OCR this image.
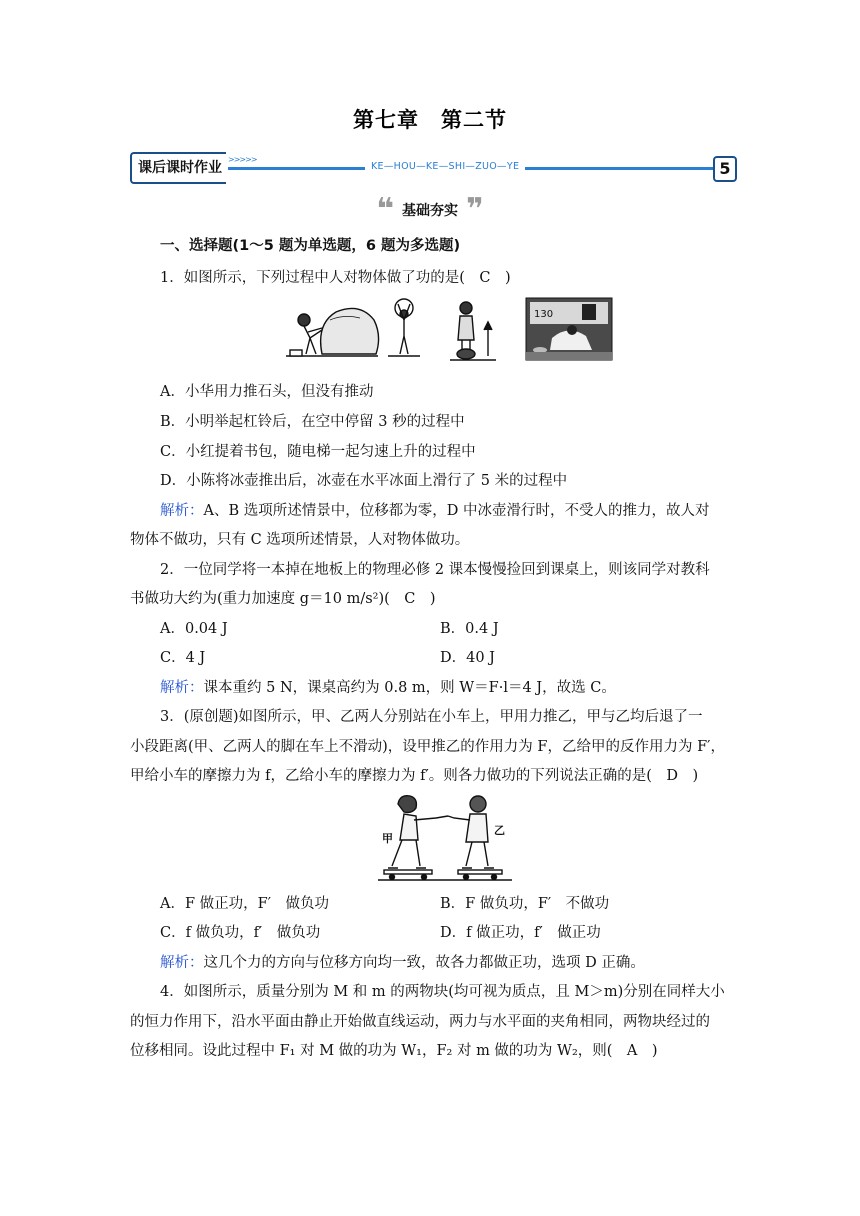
第七章　第二节
课后课时作业
>>>>>
KE—HOU—KE—SHI—ZUO—YE	5
❝ 基础夯实 ❞
一、选择题(1～5 题为单选题，6 题为多选题)
1．如图所示，下列过程中人对物体做了功的是(　C　)
130
A．小华用力推石头，但没有推动
B．小明举起杠铃后，在空中停留 3 秒的过程中
C．小红提着书包，随电梯一起匀速上升的过程中
D．小陈将冰壶推出后，冰壶在水平冰面上滑行了 5 米的过程中
解析：A、B 选项所述情景中，位移都为零，D 中冰壶滑行时，不受人的推力，故人对
物体不做功，只有 C 选项所述情景，人对物体做功。
2．一位同学将一本掉在地板上的物理必修 2 课本慢慢捡回到课桌上，则该同学对教科
书做功大约为(重力加速度 g＝10 m/s²)(　C　)
A．0.04 J	B．0.4 J
C．4 J	D．40 J
解析：课本重约 5 N，课桌高约为 0.8 m，则 W＝F·l＝4 J，故选 C。
3．(原创题)如图所示，甲、乙两人分别站在小车上，甲用力推乙，甲与乙均后退了一
小段距离(甲、乙两人的脚在车上不滑动)，设甲推乙的作用力为 F，乙给甲的反作用力为 F′，
甲给小车的摩擦力为 f，乙给小车的摩擦力为 f′。则各力做功的下列说法正确的是(　D　)
甲
乙
A．F 做正功，F′　做负功	B．F 做负功，F′　不做功
C．f 做负功，f′　做负功	D．f 做正功，f′　做正功
解析：这几个力的方向与位移方向均一致，故各力都做正功，选项 D 正确。
4．如图所示，质量分别为 M 和 m 的两物块(均可视为质点，且 M＞m)分别在同样大小
的恒力作用下，沿水平面由静止开始做直线运动，两力与水平面的夹角相同，两物块经过的
位移相同。设此过程中 F₁ 对 M 做的功为 W₁，F₂ 对 m 做的功为 W₂，则(　A　)
